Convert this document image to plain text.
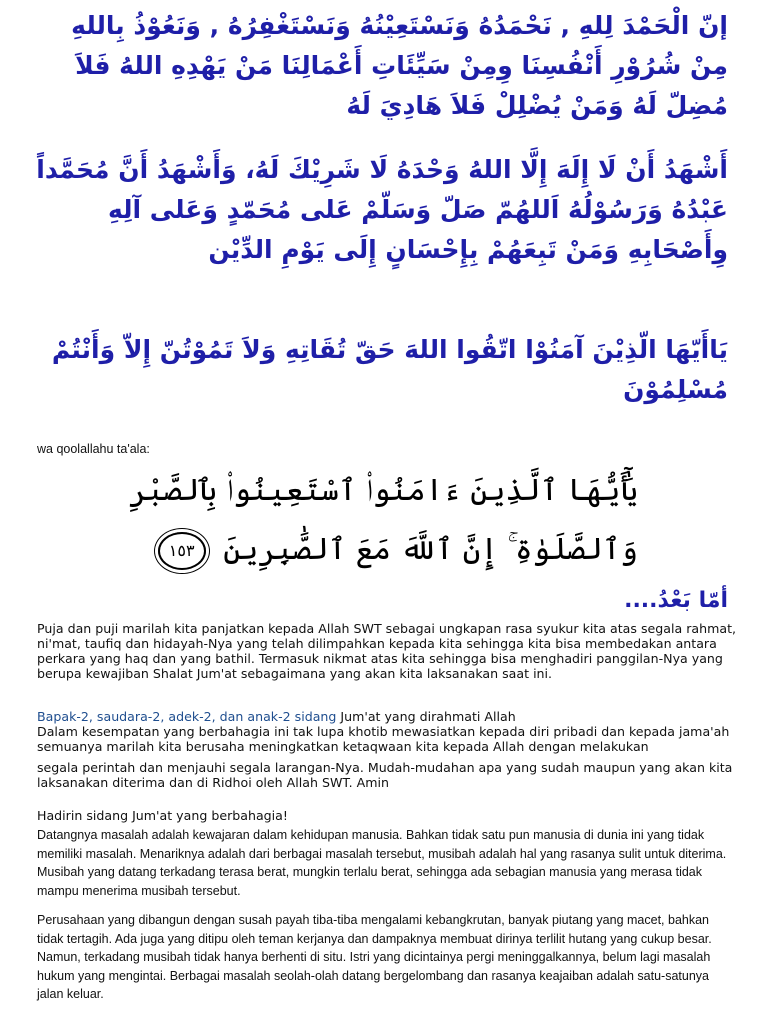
إنّ الْحَمْدَ لِلهِ , نَحْمَدُهُ وَنَسْتَعِيْنُهُ وَنَسْتَغْفِرُهُ , وَنَعُوْذُ بِاللهِ مِنْ شُرُوْرِ أَنْفُسِنَا وِمِنْ سَيِّئَاتِ أَعْمَالِنَا مَنْ يَهْدِهِ اللهُ فَلاَ مُضِلّ لَهُ وَمَنْ يُضْلِلْ فَلاَ هَادِيَ لَهُ

أَشْهَدُ أَنْ لَا إِلَهَ إِلَّا اللهُ وَحْدَهُ لَا شَرِيْكَ لَهُ، وَأَشْهَدُ أَنَّ مُحَمَّداً عَبْدُهُ وَرَسُوْلُهُ اَللهُمّ صَلّ وَسَلّمْ عَلى مُحَمّدٍ وَعَلى آلِهِ وِأَصْحَابِهِ وَمَنْ تَبِعَهُمْ بِإِحْسَانٍ إِلَى يَوْمِ الدِّيْن

يَاأَيّهَا الّذِيْنَ آمَنُوْا اتّقُوا اللهَ حَقّ تُقَاتِهِ وَلاَ تَمُوْتُنّ إِلاّ وَأَنْتُمْ مُسْلِمُوْنَ

wa qoolallahu ta'ala:

يَٰٓأَيُّهَا ٱلَّذِينَ ءَامَنُوا۟ ٱسْتَعِينُوا۟ بِٱلصَّبْرِ وَٱلصَّلَوٰةِ ۚ إِنَّ ٱللَّهَ مَعَ ٱلصَّٰبِرِينَ ١٥٣

أمّا بَعْدُ....

Puja dan puji marilah kita panjatkan kepada Allah SWT sebagai ungkapan rasa syukur kita atas segala rahmat, ni'mat, taufiq dan hidayah-Nya yang telah dilimpahkan kepada kita sehingga kita bisa membedakan antara perkara yang haq dan yang bathil. Termasuk nikmat atas kita sehingga bisa menghadiri panggilan-Nya yang berupa kewajiban Shalat Jum'at sebagaimana yang akan kita laksanakan saat ini.

Bapak-2, saudara-2, adek-2, dan anak-2 sidang Jum'at yang dirahmati Allah
Dalam kesempatan yang berbahagia ini tak lupa khotib mewasiatkan kepada diri pribadi dan kepada jama'ah semuanya marilah kita berusaha meningkatkan ketaqwaan kita kepada Allah dengan melakukan
segala perintah dan menjauhi segala larangan-Nya. Mudah-mudahan apa yang sudah maupun yang akan kita laksanakan diterima dan di Ridhoi oleh Allah SWT. Amin

Hadirin sidang Jum'at yang berbahagia!

Datangnya masalah adalah kewajaran dalam kehidupan manusia. Bahkan tidak satu pun manusia di dunia ini yang tidak memiliki masalah. Menariknya adalah dari berbagai masalah tersebut, musibah adalah hal yang rasanya sulit untuk diterima. Musibah yang datang terkadang terasa berat, mungkin terlalu berat, sehingga ada sebagian manusia yang merasa tidak mampu menerima musibah tersebut.

Perusahaan yang dibangun dengan susah payah tiba-tiba mengalami kebangkrutan, banyak piutang yang macet, bahkan tidak tertagih. Ada juga yang ditipu oleh teman kerjanya dan dampaknya membuat dirinya terlilit hutang yang cukup besar. Namun, terkadang musibah tidak hanya berhenti di situ. Istri yang dicintainya pergi meninggalkannya, belum lagi masalah hukum yang mengintai. Berbagai masalah seolah-olah datang bergelombang dan rasanya keajaiban adalah satu-satunya jalan keluar.
